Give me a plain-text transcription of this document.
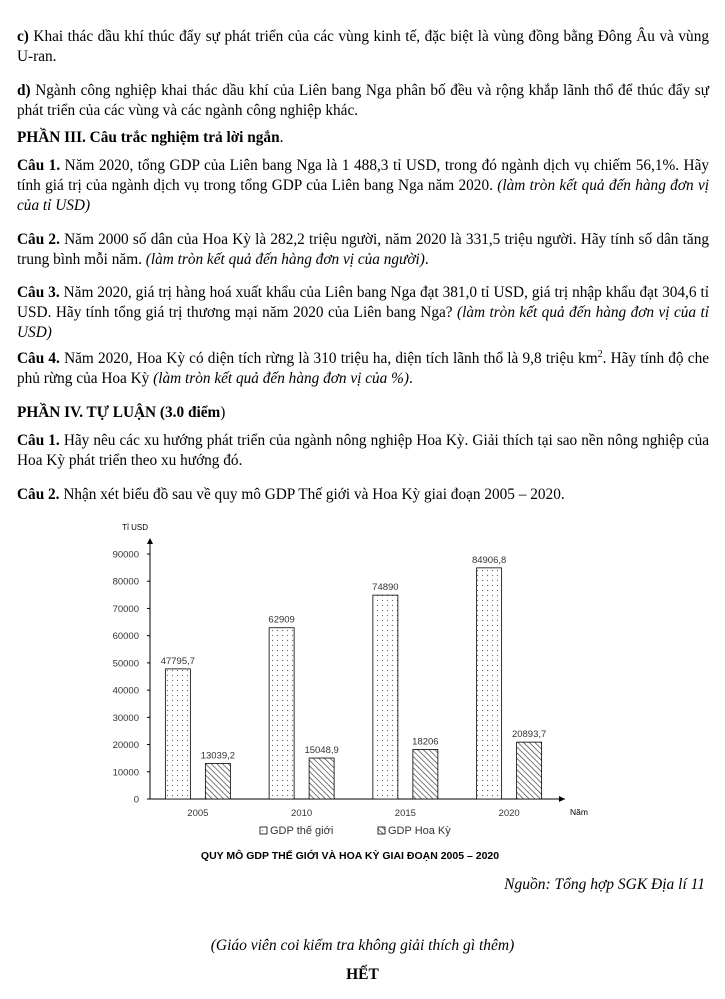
c) Khai thác dầu khí thúc đẩy sự phát triển của các vùng kinh tế, đặc biệt là vùng đồng bằng Đông Âu và vùng U-ran.

d) Ngành công nghiệp khai thác dầu khí của Liên bang Nga phân bố đều và rộng khắp lãnh thổ để thúc đẩy sự phát triển của các vùng và các ngành công nghiệp khác.

PHẦN III. Câu trắc nghiệm trả lời ngắn.

Câu 1. Năm 2020, tổng GDP của Liên bang Nga là 1 488,3 tỉ USD, trong đó ngành dịch vụ chiếm 56,1%. Hãy tính giá trị của ngành dịch vụ trong tổng GDP của Liên bang Nga năm 2020. (làm tròn kết quả đến hàng đơn vị của tỉ USD)

Câu 2. Năm 2000 số dân của Hoa Kỳ là 282,2 triệu người, năm 2020 là 331,5 triệu người. Hãy tính số dân tăng trung bình mỗi năm. (làm tròn kết quả đến hàng đơn vị của người).

Câu 3. Năm 2020, giá trị hàng hoá xuất khẩu của Liên bang Nga đạt 381,0 tỉ USD, giá trị nhập khẩu đạt 304,6 tỉ USD. Hãy tính tổng giá trị thương mại năm 2020 của Liên bang Nga? (làm tròn kết quả đến hàng đơn vị của tỉ USD)

Câu 4. Năm 2020, Hoa Kỳ có diện tích rừng là 310 triệu ha, diện tích lãnh thổ là 9,8 triệu $km^2$. Hãy tính độ che phủ rừng của Hoa Kỳ (làm tròn kết quả đến hàng đơn vị của %).

PHẦN IV. TỰ LUẬN (3.0 điểm)

Câu 1. Hãy nêu các xu hướng phát triển của ngành nông nghiệp Hoa Kỳ. Giải thích tại sao nền nông nghiệp của Hoa Kỳ phát triển theo xu hướng đó.

Câu 2. Nhận xét biểu đồ sau về quy mô GDP Thế giới và Hoa Kỳ giai đoạn 2005 – 2020.

Tỉ USD
Năm
0
10000
20000
30000
40000
50000
60000
70000
80000
90000
2005
47795,7
13039,2
2010
62909
15048,9
2015
74890
18206
2020
84906,8
20893,7
GDP thế giới	GDP Hoa Kỳ
QUY MÔ GDP THẾ GIỚI VÀ HOA KỲ GIAI ĐOẠN 2005 – 2020
Nguồn: Tổng hợp SGK Địa lí 11
(Giáo viên coi kiểm tra không giải thích gì thêm)
HẾT
